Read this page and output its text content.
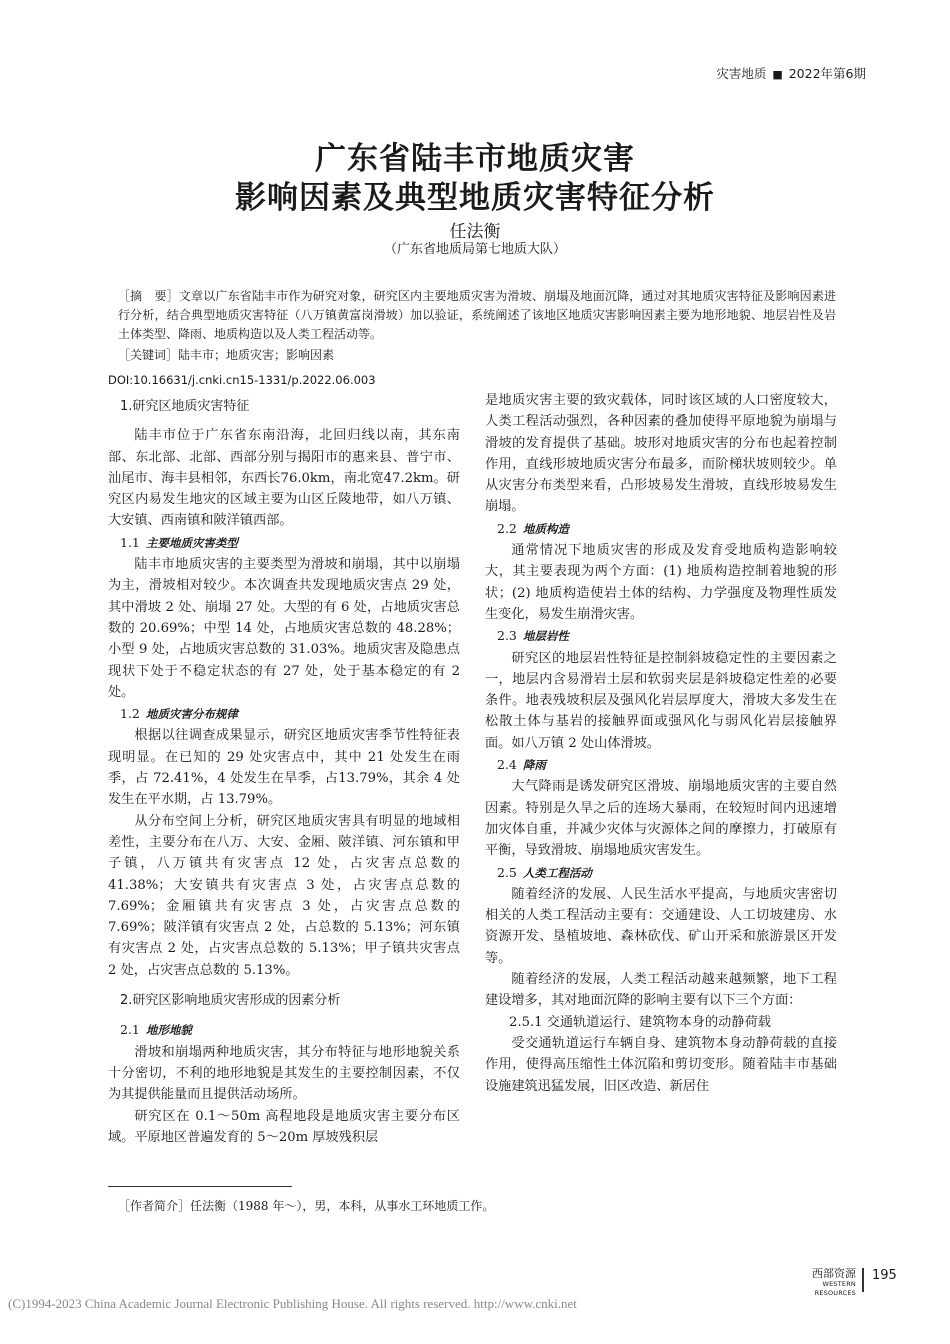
灾害地质 ■ 2022年第6期
广东省陆丰市地质灾害
影响因素及典型地质灾害特征分析
任法衡
（广东省地质局第七地质大队）
［摘　要］文章以广东省陆丰市作为研究对象，研究区内主要地质灾害为滑坡、崩塌及地面沉降，通过对其地质灾害特征及影响因素进行分析，结合典型地质灾害特征（八万镇黄富岗滑坡）加以验证，系统阐述了该地区地质灾害影响因素主要为地形地貌、地层岩性及岩土体类型、降雨、地质构造以及人类工程活动等。
［关键词］陆丰市；地质灾害；影响因素
DOI:10.16631/j.cnki.cn15-1331/p.2022.06.003
1.研究区地质灾害特征

陆丰市位于广东省东南沿海，北回归线以南，其东南部、东北部、北部、西部分别与揭阳市的惠来县、普宁市、汕尾市、海丰县相邻，东西长76.0km，南北宽47.2km。研究区内易发生地灾的区域主要为山区丘陵地带，如八万镇、大安镇、西南镇和陂洋镇西部。

1.1 主要地质灾害类型

陆丰市地质灾害的主要类型为滑坡和崩塌，其中以崩塌为主，滑坡相对较少。本次调查共发现地质灾害点 29 处，其中滑坡 2 处、崩塌 27 处。大型的有 6 处，占地质灾害总数的 20.69%；中型 14 处，占地质灾害总数的 48.28%；小型 9 处，占地质灾害总数的 31.03%。地质灾害及隐患点现状下处于不稳定状态的有 27 处，处于基本稳定的有 2 处。

1.2 地质灾害分布规律

根据以往调查成果显示，研究区地质灾害季节性特征表现明显。在已知的 29 处灾害点中，其中 21 处发生在雨季，占 72.41%，4 处发生在旱季，占13.79%，其余 4 处发生在平水期，占 13.79%。

从分布空间上分析，研究区地质灾害具有明显的地域相差性，主要分布在八万、大安、金厢、陂洋镇、河东镇和甲子镇，八万镇共有灾害点 12 处，占灾害点总数的 41.38%；大安镇共有灾害点 3 处，占灾害点总数的 7.69%；金厢镇共有灾害点 3 处，占灾害点总数的 7.69%；陂洋镇有灾害点 2 处，占总数的 5.13%；河东镇有灾害点 2 处，占灾害点总数的 5.13%；甲子镇共灾害点 2 处，占灾害点总数的 5.13%。

2.研究区影响地质灾害形成的因素分析
2.1 地形地貌

滑坡和崩塌两种地质灾害，其分布特征与地形地貌关系十分密切，不利的地形地貌是其发生的主要控制因素，不仅为其提供能量而且提供活动场所。

研究区在 0.1～50m 高程地段是地质灾害主要分布区域。平原地区普遍发育的 5～20m 厚坡残积层

是地质灾害主要的致灾载体，同时该区域的人口密度较大，人类工程活动强烈，各种因素的叠加使得平原地貌为崩塌与滑坡的发育提供了基础。坡形对地质灾害的分布也起着控制作用，直线形坡地质灾害分布最多，而阶梯状坡则较少。单从灾害分布类型来看，凸形坡易发生滑坡，直线形坡易发生崩塌。

2.2 地质构造

通常情况下地质灾害的形成及发育受地质构造影响较大，其主要表现为两个方面：(1) 地质构造控制着地貌的形状；(2) 地质构造使岩土体的结构、力学强度及物理性质发生变化，易发生崩滑灾害。

2.3 地层岩性

研究区的地层岩性特征是控制斜坡稳定性的主要因素之一，地层内含易滑岩土层和软弱夹层是斜坡稳定性差的必要条件。地表残坡积层及强风化岩层厚度大，滑坡大多发生在松散土体与基岩的接触界面或强风化与弱风化岩层接触界面。如八万镇 2 处山体滑坡。

2.4 降雨

大气降雨是诱发研究区滑坡、崩塌地质灾害的主要自然因素。特别是久旱之后的连场大暴雨，在较短时间内迅速增加灾体自重，并减少灾体与灾源体之间的摩擦力，打破原有平衡，导致滑坡、崩塌地质灾害发生。

2.5 人类工程活动

随着经济的发展、人民生活水平提高，与地质灾害密切相关的人类工程活动主要有：交通建设、人工切坡建房、水资源开发、垦植坡地、森林砍伐、矿山开采和旅游景区开发等。

随着经济的发展，人类工程活动越来越频繁，地下工程建设增多，其对地面沉降的影响主要有以下三个方面：

2.5.1 交通轨道运行、建筑物本身的动静荷载

受交通轨道运行车辆自身、建筑物本身动静荷载的直接作用，使得高压缩性土体沉陷和剪切变形。随着陆丰市基础设施建筑迅猛发展，旧区改造、新居住

［作者简介］任法衡（1988 年～），男，本科，从事水工环地质工作。
西部资源
WESTERN RESOURCES
195
(C)1994-2023 China Academic Journal Electronic Publishing House. All rights reserved. http://www.cnki.net
